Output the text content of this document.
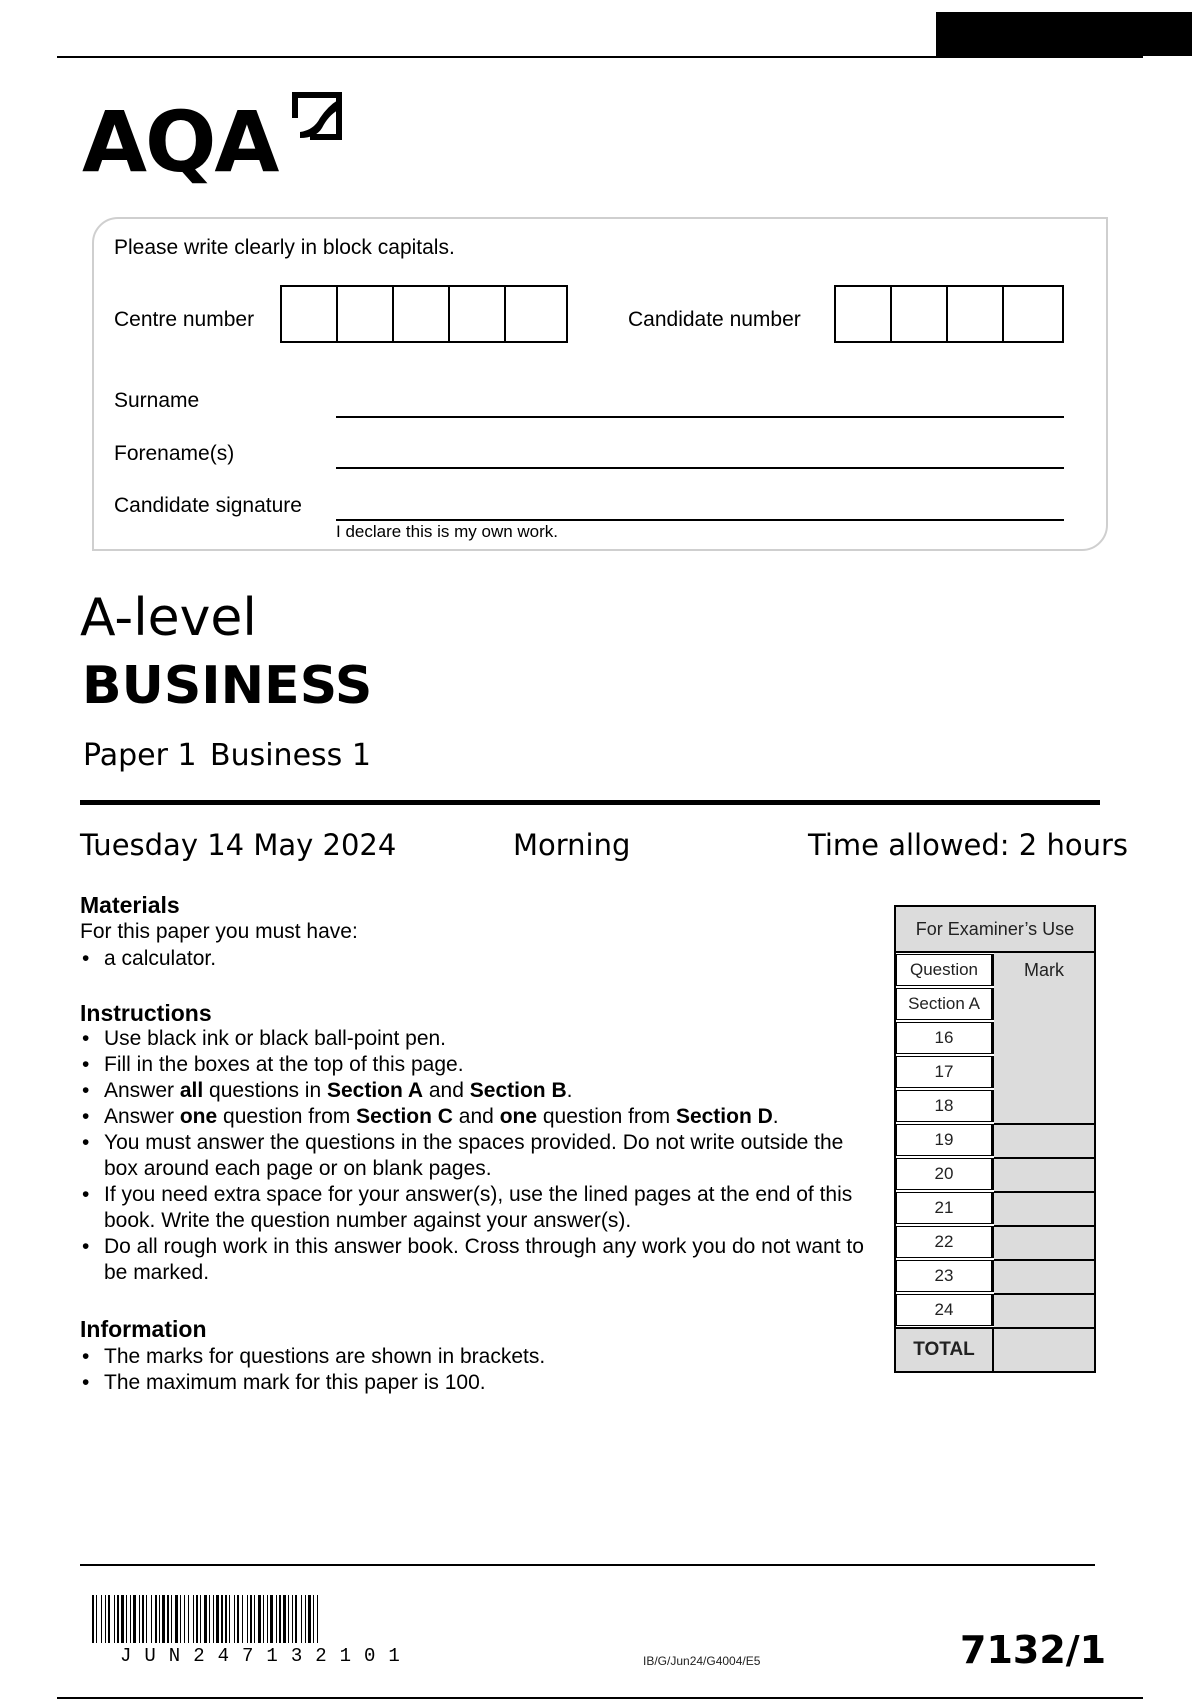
AQA
Please write clearly in block capitals.
Centre number	Candidate number
Surname
Forename(s)
Candidate signature
I declare this is my own work.
A-level
BUSINESS
Paper 1 Business 1
Tuesday 14 May 2024	Morning	Time allowed: 2 hours
Materials
For this paper you must have:
• a calculator.
Instructions
• Use black ink or black ball-point pen.
• Fill in the boxes at the top of this page.
• Answer all questions in Section A and Section B.
• Answer one question from Section C and one question from Section D.
• You must answer the questions in the spaces provided. Do not write outside the box around each page or on blank pages.
• If you need extra space for your answer(s), use the lined pages at the end of this book. Write the question number against your answer(s).
• Do all rough work in this answer book. Cross through any work you do not want to be marked.
Information
• The marks for questions are shown in brackets.
• The maximum mark for this paper is 100.
For Examiner’s Use
Question	Mark
Section A
16
17
18
19
20
21
22
23
24
TOTAL
JUN247132101	IB/G/Jun24/G4004/E5	7132/1
